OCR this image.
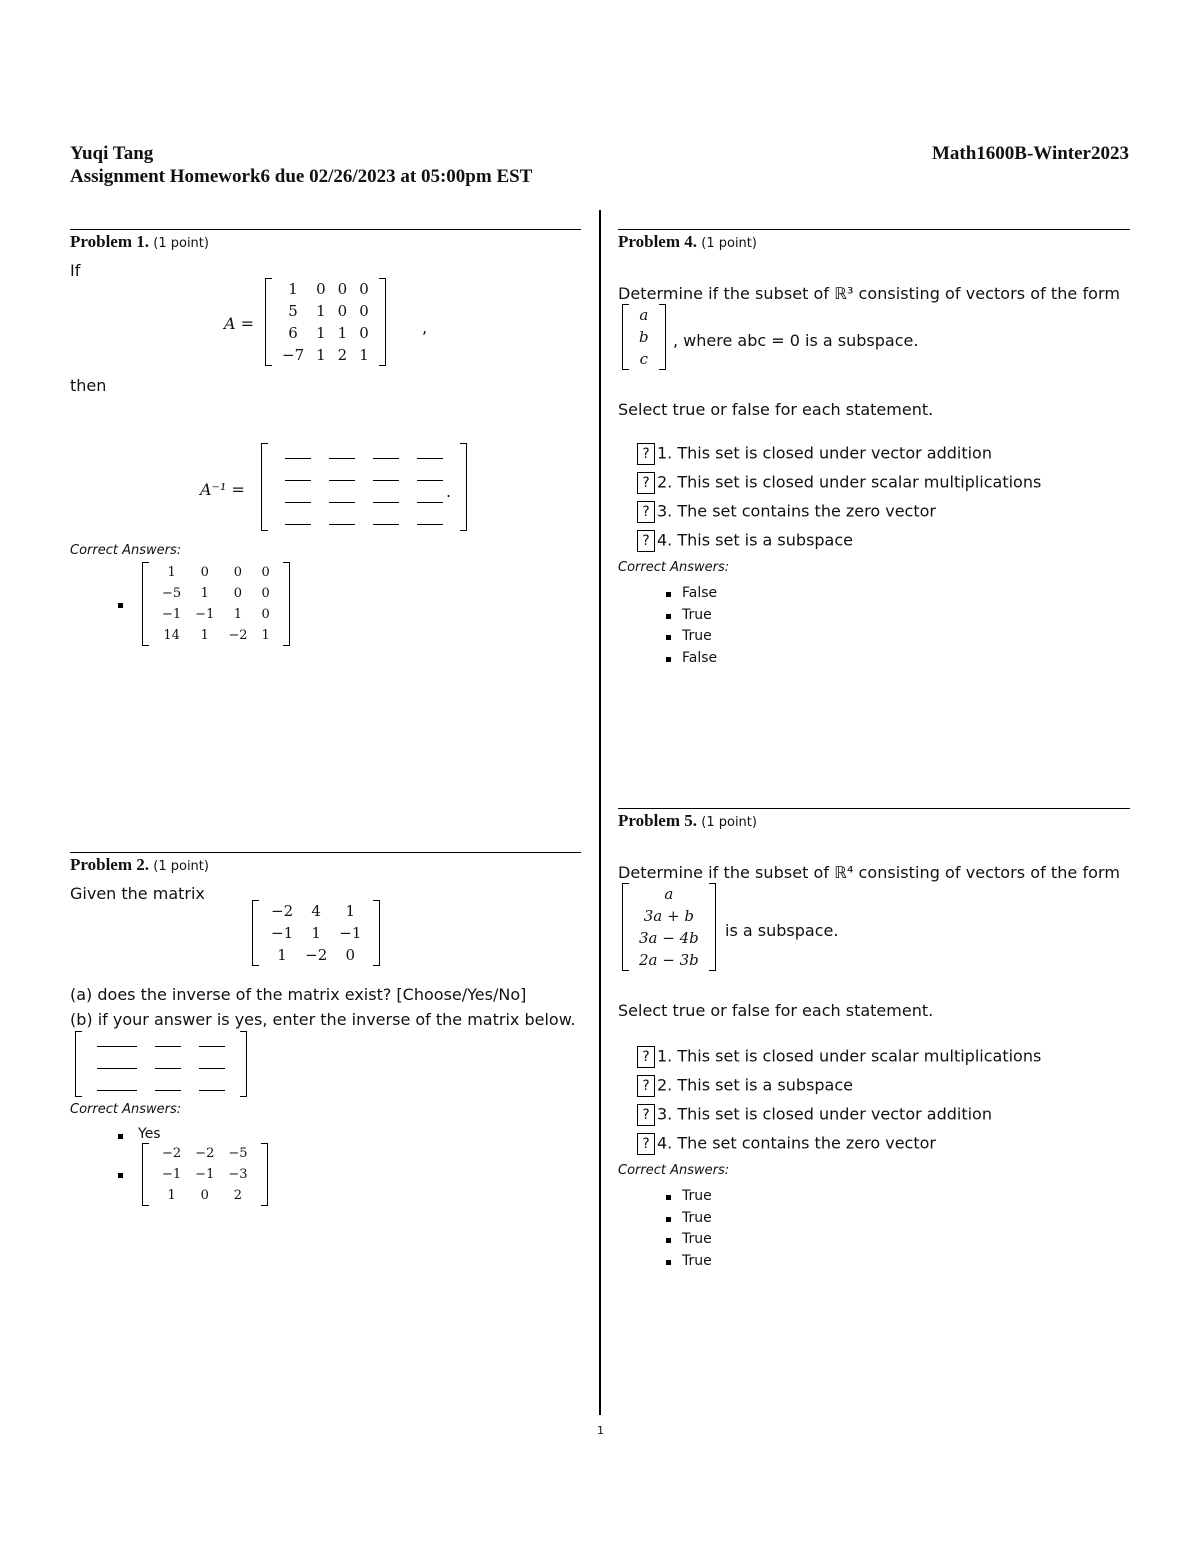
Yuqi Tang	Math1600B-Winter2023
Assignment Homework6 due 02/26/2023 at 05:00pm EST
Problem 1. (1 point)
If
A =
1	0	0	0
5	1	0	0
6	1	1	0
−7	1	2	1
,
then
A⁻¹ =

				.
Correct Answers:
1	0	0	0
−5	1	0	0
−1	−1	1	0
14	1	−2	1
Problem 2. (1 point)
Given the matrix
−2	4	1
−1	1	−1
1	−2	0
(a) does the inverse of the matrix exist? [Choose/Yes/No]
(b) if your answer is yes, enter the inverse of the matrix below.

Correct Answers:
Yes
−2	−2	−5
−1	−1	−3
1	0	2
Problem 4. (1 point)
Determine if the subset of ℝ³ consisting of vectors of the form
a
b
c
, where abc = 0 is a subspace.
Select true or false for each statement.
? 1. This set is closed under vector addition
? 2. This set is closed under scalar multiplications
? 3. The set contains the zero vector
? 4. This set is a subspace
Correct Answers:
False
True
True
False
Problem 5. (1 point)
Determine if the subset of ℝ⁴ consisting of vectors of the form
a
3a + b
3a − 4b
2a − 3b
is a subspace.
Select true or false for each statement.
? 1. This set is closed under scalar multiplications
? 2. This set is a subspace
? 3. This set is closed under vector addition
? 4. The set contains the zero vector
Correct Answers:
True
True
True
True
1
